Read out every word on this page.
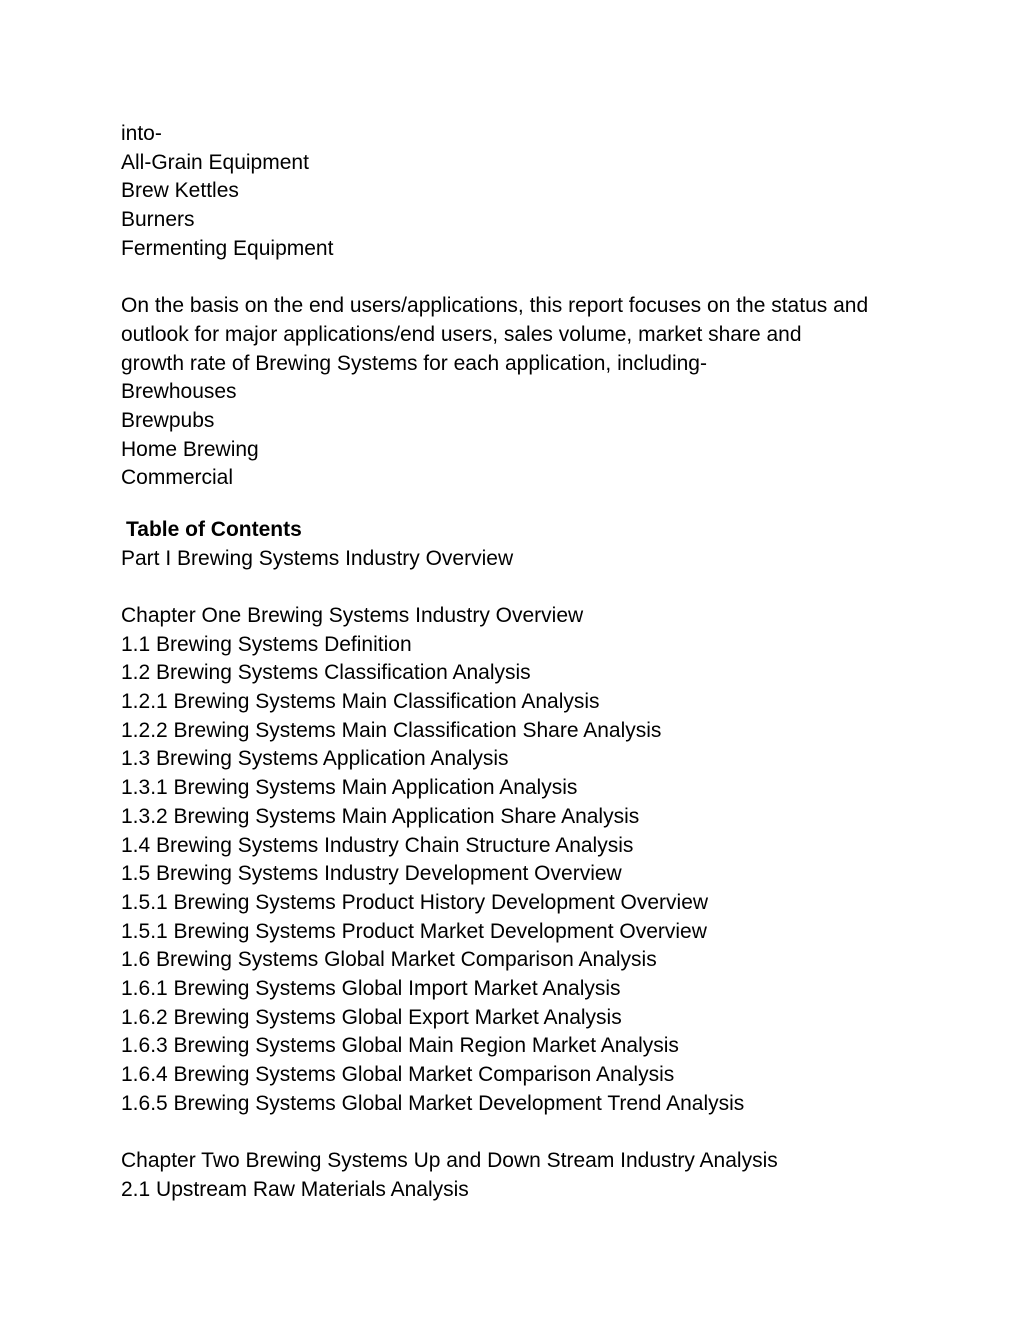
into-
All-Grain Equipment
Brew Kettles
Burners
Fermenting Equipment
On the basis on the end users/applications, this report focuses on the status and
outlook for major applications/end users, sales volume, market share and
growth rate of Brewing Systems for each application, including-
Brewhouses
Brewpubs
Home Brewing
Commercial
Table of Contents
Part I Brewing Systems Industry Overview
Chapter One Brewing Systems Industry Overview
1.1 Brewing Systems Definition
1.2 Brewing Systems Classification Analysis
1.2.1 Brewing Systems Main Classification Analysis
1.2.2 Brewing Systems Main Classification Share Analysis
1.3 Brewing Systems Application Analysis
1.3.1 Brewing Systems Main Application Analysis
1.3.2 Brewing Systems Main Application Share Analysis
1.4 Brewing Systems Industry Chain Structure Analysis
1.5 Brewing Systems Industry Development Overview
1.5.1 Brewing Systems Product History Development Overview
1.5.1 Brewing Systems Product Market Development Overview
1.6 Brewing Systems Global Market Comparison Analysis
1.6.1 Brewing Systems Global Import Market Analysis
1.6.2 Brewing Systems Global Export Market Analysis
1.6.3 Brewing Systems Global Main Region Market Analysis
1.6.4 Brewing Systems Global Market Comparison Analysis
1.6.5 Brewing Systems Global Market Development Trend Analysis
Chapter Two Brewing Systems Up and Down Stream Industry Analysis
2.1 Upstream Raw Materials Analysis
